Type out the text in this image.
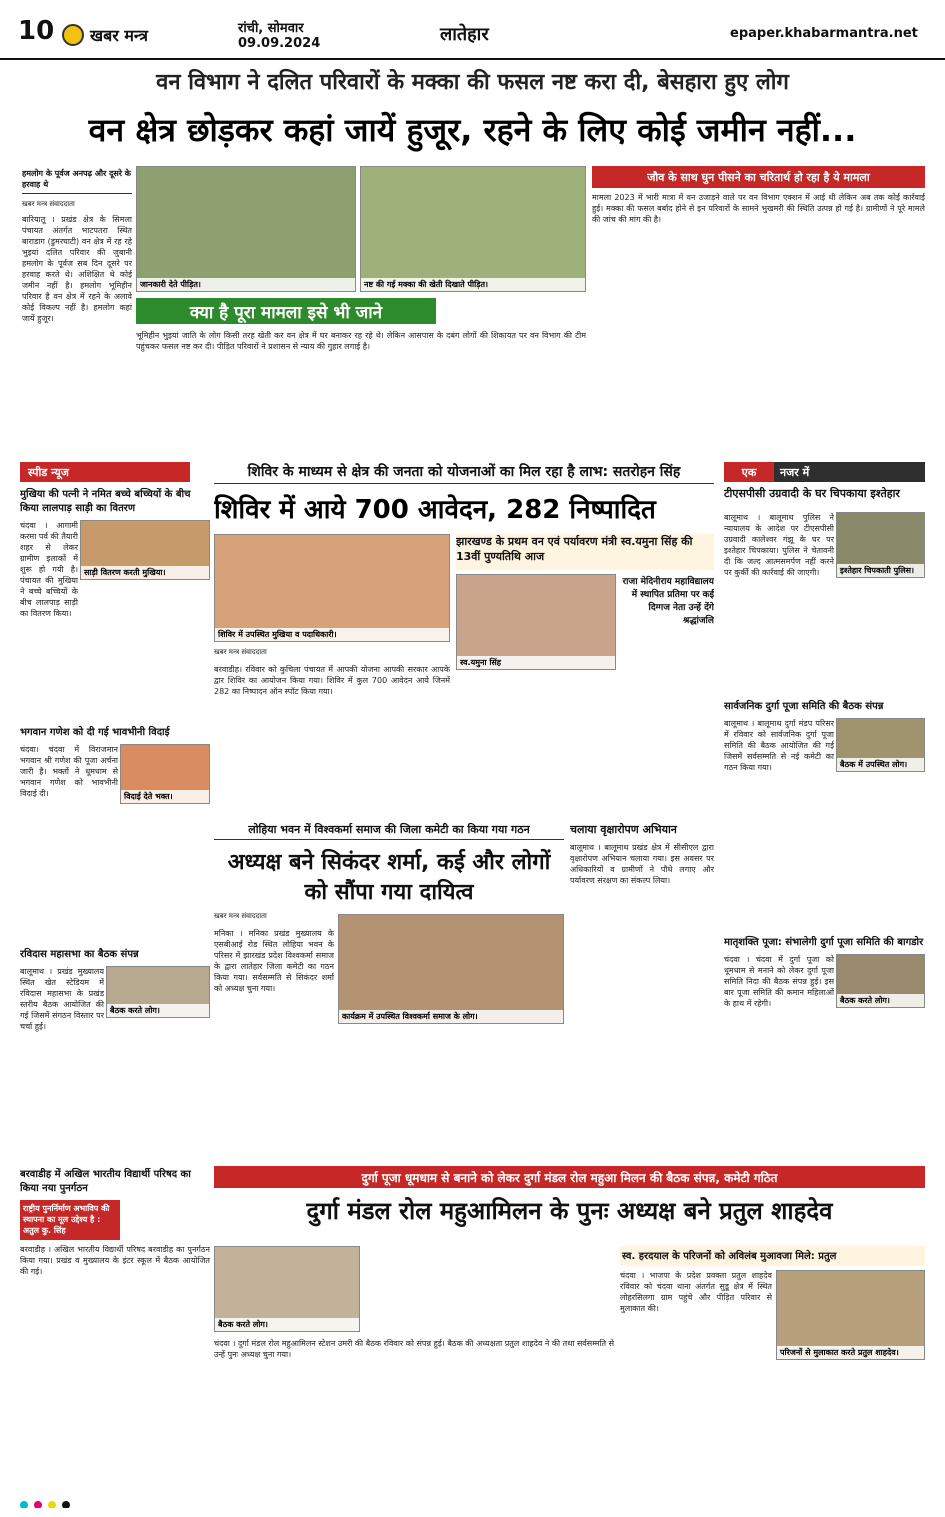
10 खबर मन्त्र	रांची, सोमवार
09.09.2024	लातेहार	epaper.khabarmantra.net
वन विभाग ने दलित परिवारों के मक्का की फसल नष्ट करा दी, बेसहारा हुए लोग
वन क्षेत्र छोड़कर कहां जायें हुजूर, रहने के लिए कोई जमीन नहीं...
हमलोग के पूर्वज अनपढ़ और दूसरे के हरवाह थे
खबर मन्त्र संवाददाता
बारियातू । प्रखंड क्षेत्र के सिमला पंचायत अंतर्गत भाटपतरा स्थित बाराडाग (डुमरघाटी) वन क्षेत्र में रह रहे भुइयां दलित परिवार की जुबानी हमलोग के पूर्वज सब दिन दूसरे पर हरवाह करते थे। अशिक्षित थे कोई जमीन नहीं है। हमलोग भूमिहीन परिवार है वन क्षेत्र में रहने के अलावे कोई विकल्प नहीं है। हमलोग कहां जायें हुजूर।
जानकारी देते पीड़ित।	नष्ट की गई मक्का की खेती दिखाते पीड़ित।
क्या है पूरा मामला इसे भी जाने
भूमिहीन भुइयां जाति के लोग किसी तरह खेती कर वन क्षेत्र में घर बनाकर रह रहे थे। लेकिन आसपास के दबंग लोगों की शिकायत पर वन विभाग की टीम पहुंचकर फसल नष्ट कर दी। पीड़ित परिवारों ने प्रशासन से न्याय की गुहार लगाई है।
जौव के साथ घुन पीसने का चरितार्थ हो रहा है ये मामला
मामला 2023 में भारी मात्रा में वन उजाड़ने वाले पर वन विभाग एक्शन में आई थी लेकिन अब तक कोई कार्रवाई हुई। मक्का की फसल बर्बाद होने से इन परिवारों के सामने भुखमरी की स्थिति उत्पन्न हो गई है। ग्रामीणों ने पूरे मामले की जांच की मांग की है।
स्पीड न्यूज
मुखिया की पत्नी ने नमित बच्चे बच्चियों के बीच किया लालपाड़ साड़ी का वितरण
साड़ी वितरण करती मुखिया।
चंदवा । आगामी करमा पर्व की तैयारी शहर से लेकर ग्रामीण इलाकों में शुरू हो गयी है। पंचायत की मुखिया ने बच्चे बच्चियों के बीच लालपाड़ साड़ी का वितरण किया।
भगवान गणेश को दी गई भावभीनी विदाई
विदाई देते भक्त।
चंदवा। चंदवा में विराजमान भगवान श्री गणेश की पूजा अर्चना जारी है। भक्तों ने धूमधाम से भगवान गणेश को भावभीनी विदाई दी।
रविदास महासभा का बैठक संपन्न
बैठक करते लोग।
बालूमाथ । प्रखंड मुख्यालय स्थित खेत स्टेडियम में रविदास महासभा के प्रखंड स्तरीय बैठक आयोजित की गई जिसमें संगठन विस्तार पर चर्चा हुई।
बरवाडीह में अखिल भारतीय विद्यार्थी परिषद का किया नया पुनर्गठन
राष्ट्रीय पुनर्निर्माण अभाविप की स्थापना का मूल उद्देश्य है : अतुल कु. सिंह
बरवाडीह । अखिल भारतीय विद्यार्थी परिषद बरवाडीह का पुनर्गठन किया गया। प्रखंड व मुख्यालय के इंटर स्कूल में बैठक आयोजित की गई।
शिविर के माध्यम से क्षेत्र की जनता को योजनाओं का मिल रहा है लाभ: सतरोहन सिंह
शिविर में आये 700 आवेदन, 282 निष्पादित
शिविर में उपस्थित मुखिया व पदाधिकारी।
खबर मन्त्र संवाददाता
बरवाडीह। रविवार को कुचिला पंचायत में आपकी योजना आपकी सरकार आपके द्वार शिविर का आयोजन किया गया। शिविर में कुल 700 आवेदन आये जिनमें 282 का निष्पादन ऑन स्पॉट किया गया।
झारखण्ड के प्रथम वन एवं पर्यावरण मंत्री स्व.यमुना सिंह की 13वीं पुण्यतिथि आज
स्व.यमुना सिंह
राजा मेदिनीराय महाविद्यालय में स्थापित प्रतिमा पर कई दिग्गज नेता उन्हें देंगे श्रद्धांजलि
एक	नजर में
टीएसपीसी उग्रवादी के घर चिपकाया इश्तेहार
इश्तेहार चिपकाती पुलिस।
बालूमाथ । बालूमाथ पुलिस ने न्यायालय के आदेश पर टीएसपीसी उग्रवादी कालेश्वर गंझू के घर पर इश्तेहार चिपकाया। पुलिस ने चेतावनी दी कि जल्द आत्मसमर्पण नहीं करने पर कुर्की की कार्रवाई की जाएगी।
सार्वजनिक दुर्गा पूजा समिति की बैठक संपन्न
बैठक में उपस्थित लोग।
बालूमाथ । बालूमाथ दुर्गा मंडप परिसर में रविवार को सार्वजनिक दुर्गा पूजा समिति की बैठक आयोजित की गई जिसमें सर्वसम्मति से नई कमेटी का गठन किया गया।
मातृशक्ति पूजा: संभालेगी दुर्गा पूजा समिति की बागडोर
बैठक करते लोग।
चंदवा । चंदवा में दुर्गा पूजा को धूमधाम से मनाने को लेकर दुर्गा पूजा समिति निदा की बैठक संपन्न हुई। इस बार पूजा समिति की कमान महिलाओं के हाथ में रहेगी।
लोहिया भवन में विश्वकर्मा समाज की जिला कमेटी का किया गया गठन
अध्यक्ष बने सिकंदर शर्मा, कई और लोगों को सौंपा गया दायित्व
खबर मन्त्र संवाददाता
मनिका । मनिका प्रखंड मुख्यालय के एसबीआई रोड स्थित लोहिया भवन के परिसर में झारखंड प्रदेश विश्वकर्मा समाज के द्वारा लातेहार जिला कमेटी का गठन किया गया। सर्वसम्मति से सिकंदर शर्मा को अध्यक्ष चुना गया।
कार्यक्रम में उपस्थित विश्वकर्मा समाज के लोग।
चलाया वृक्षारोपण अभियान
बालूमाथ । बालूमाथ प्रखंड क्षेत्र में सीसीएल द्वारा वृक्षारोपण अभियान चलाया गया। इस अवसर पर अधिकारियों व ग्रामीणों ने पौधे लगाए और पर्यावरण संरक्षण का संकल्प लिया।
दुर्गा पूजा धूमधाम से बनाने को लेकर दुर्गा मंडल रोल महुआ मिलन की बैठक संपन्न, कमेटी गठित
दुर्गा मंडल रोल महुआमिलन के पुनः अध्यक्ष बने प्रतुल शाहदेव
बैठक करते लोग।
चंदवा । दुर्गा मंडल रोल महुआमिलन स्टेशन उमरी की बैठक रविवार को संपन्न हुई। बैठक की अध्यक्षता प्रतुल शाहदेव ने की तथा सर्वसम्मति से उन्हें पुनः अध्यक्ष चुना गया।
स्व. हरदयाल के परिजनों को अविलंब मुआवजा मिले: प्रतुल
परिजनों से मुलाकात करते प्रतुल शाहदेव।
चंदवा । भाजपा के प्रदेश प्रवक्ता प्रतुल शाहदेव रविवार को चंदवा थाना अंतर्गत सुडू क्षेत्र में स्थित लोहरसिलगा ग्राम पहुंचे और पीड़ित परिवार से मुलाकात की।
